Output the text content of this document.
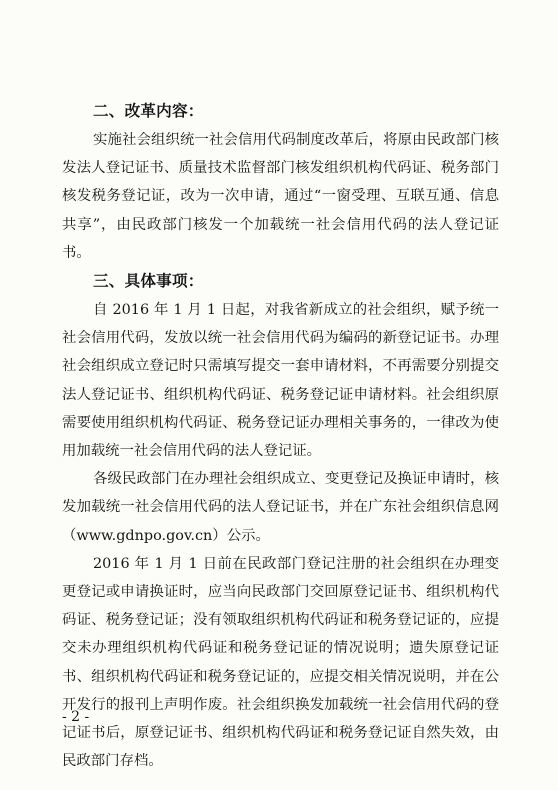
二、改革内容：

实施社会组织统一社会信用代码制度改革后，将原由民政部门核发法人登记证书、质量技术监督部门核发组织机构代码证、税务部门核发税务登记证，改为一次申请，通过“一窗受理、互联互通、信息共享”，由民政部门核发一个加载统一社会信用代码的法人登记证书。

三、具体事项：

自 2016 年 1 月 1 日起，对我省新成立的社会组织，赋予统一社会信用代码，发放以统一社会信用代码为编码的新登记证书。办理社会组织成立登记时只需填写提交一套申请材料，不再需要分别提交法人登记证书、组织机构代码证、税务登记证申请材料。社会组织原需要使用组织机构代码证、税务登记证办理相关事务的，一律改为使用加载统一社会信用代码的法人登记证。

各级民政部门在办理社会组织成立、变更登记及换证申请时，核发加载统一社会信用代码的法人登记证书，并在广东社会组织信息网（www.gdnpo.gov.cn）公示。

2016 年 1 月 1 日前在民政部门登记注册的社会组织在办理变更登记或申请换证时，应当向民政部门交回原登记证书、组织机构代码证、税务登记证；没有领取组织机构代码证和税务登记证的，应提交未办理组织机构代码证和税务登记证的情况说明；遗失原登记证书、组织机构代码证和税务登记证的，应提交相关情况说明，并在公开发行的报刊上声明作废。社会组织换发加载统一社会信用代码的登记证书后，原登记证书、组织机构代码证和税务登记证自然失效，由民政部门存档。

- 2 -
